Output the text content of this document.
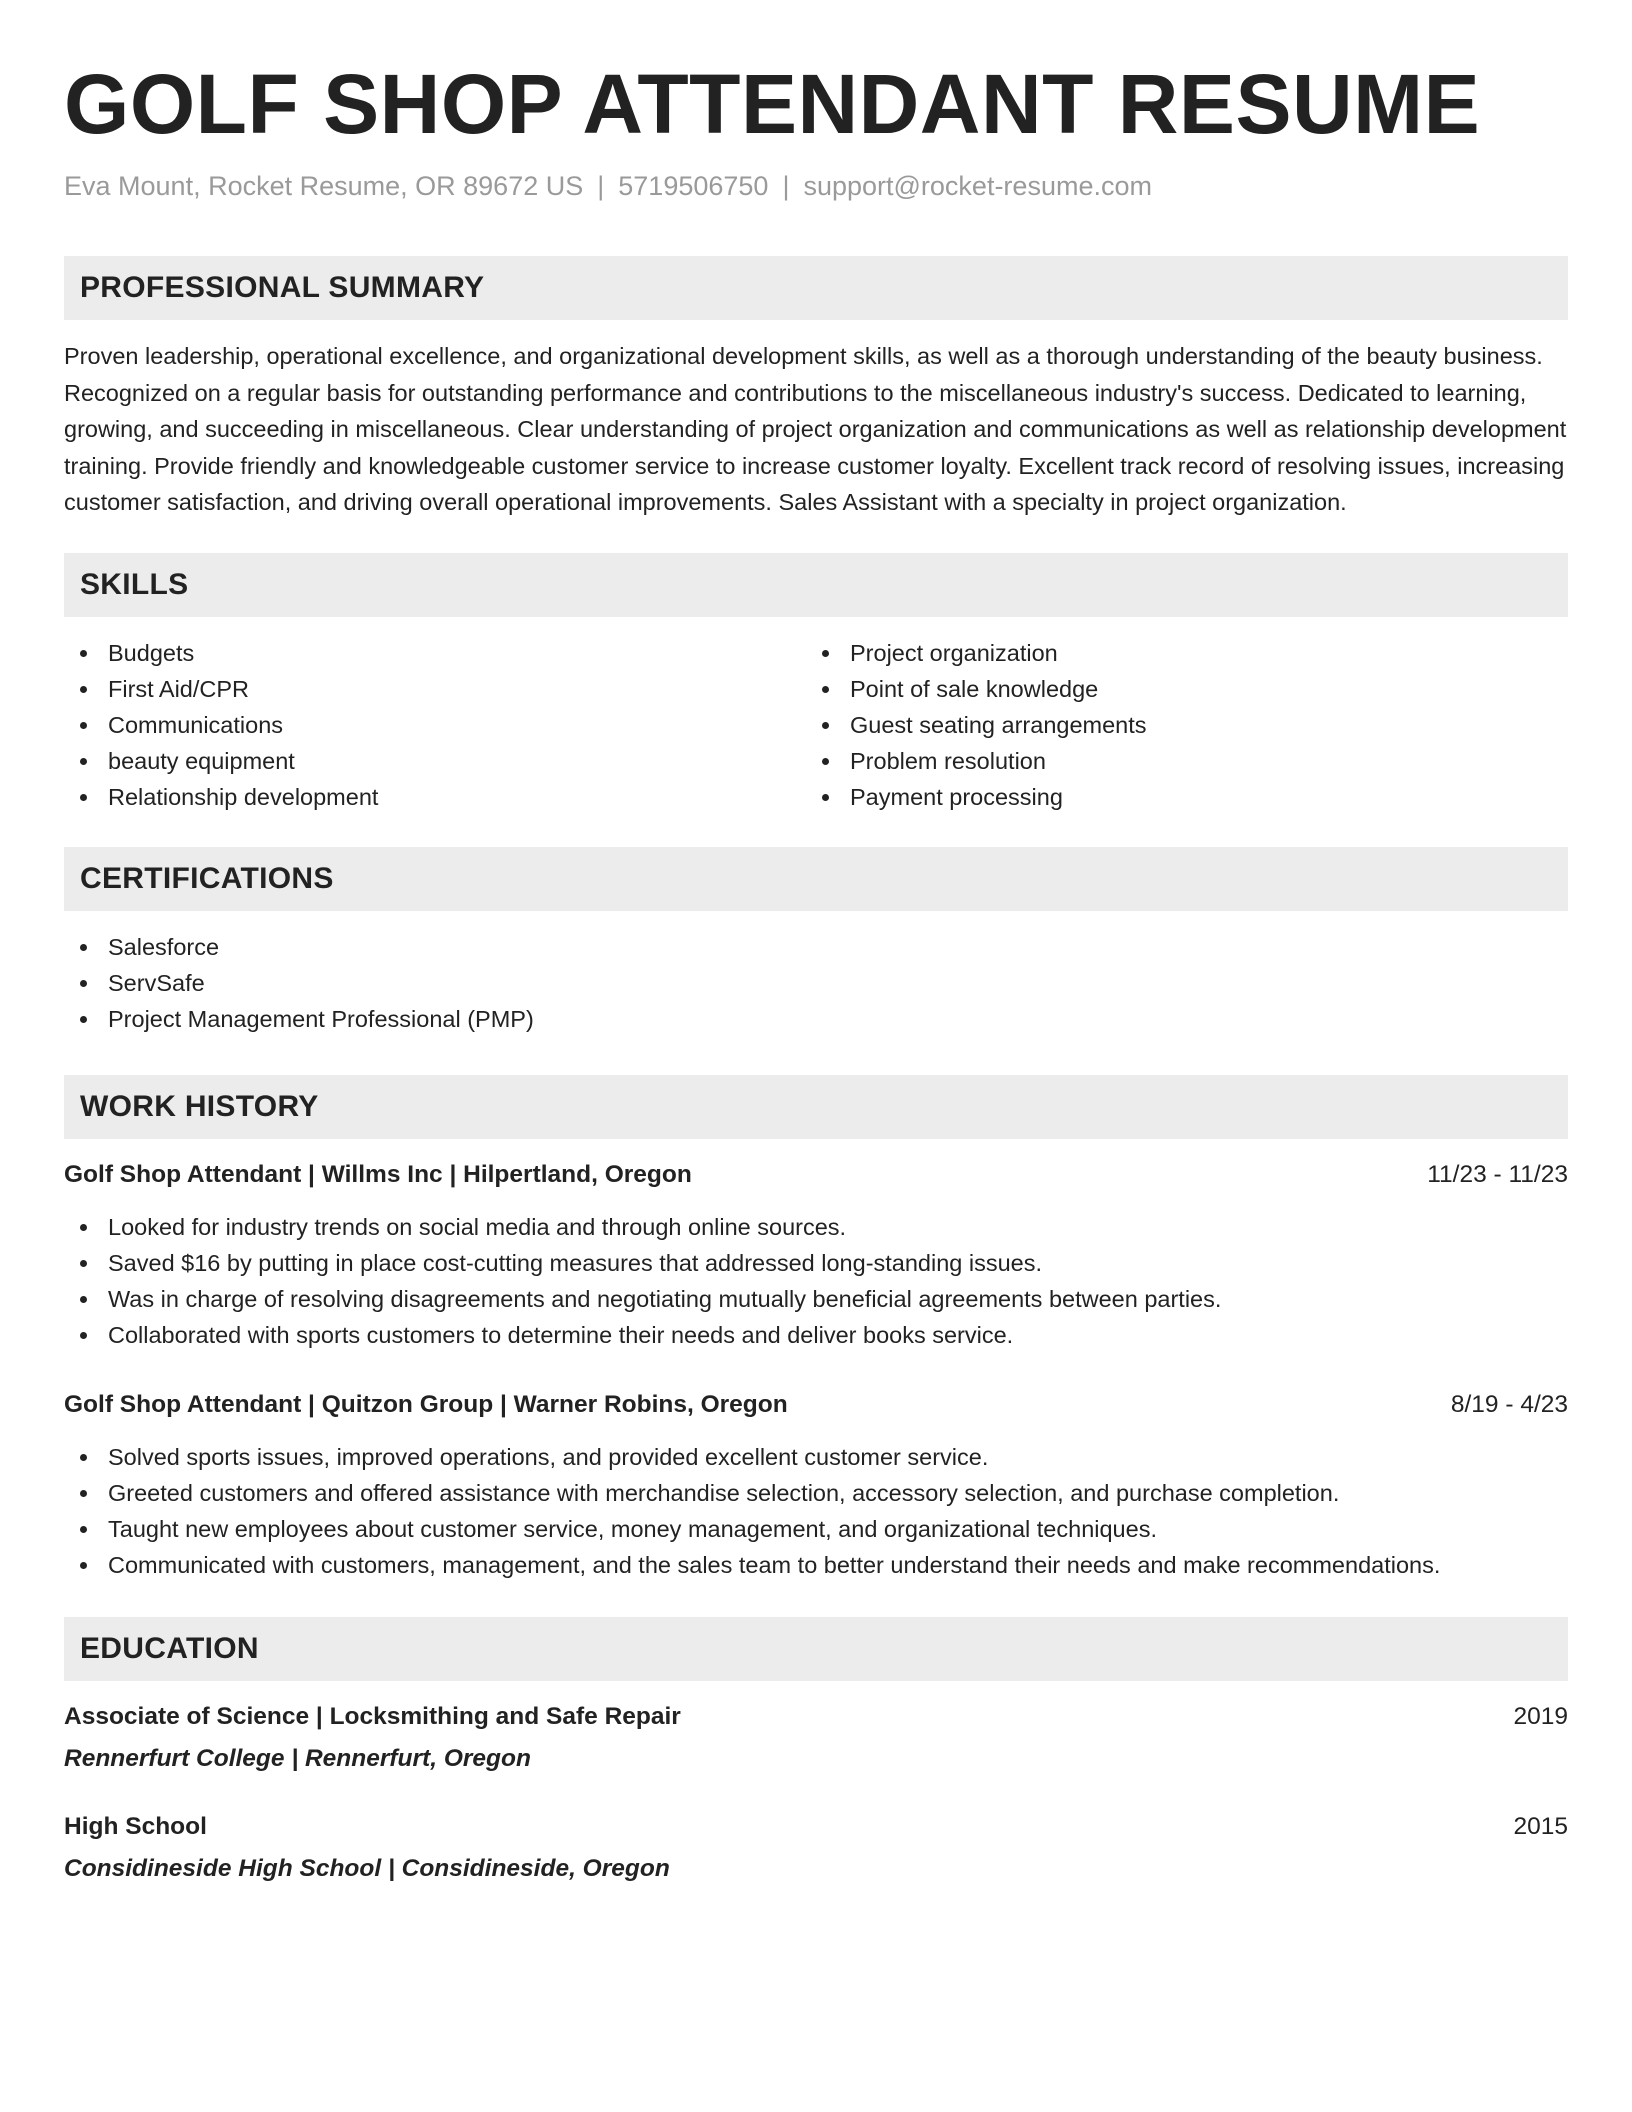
GOLF SHOP ATTENDANT RESUME
Eva Mount, Rocket Resume, OR 89672 US | 5719506750 | support@rocket-resume.com
PROFESSIONAL SUMMARY

Proven leadership, operational excellence, and organizational development skills, as well as a thorough understanding of the beauty business. Recognized on a regular basis for outstanding performance and contributions to the miscellaneous industry's success. Dedicated to learning, growing, and succeeding in miscellaneous. Clear understanding of project organization and communications as well as relationship development training. Provide friendly and knowledgeable customer service to increase customer loyalty. Excellent track record of resolving issues, increasing customer satisfaction, and driving overall operational improvements. Sales Assistant with a specialty in project organization.

SKILLS
Budgets
First Aid/CPR
Communications
beauty equipment
Relationship development
Project organization
Point of sale knowledge
Guest seating arrangements
Problem resolution
Payment processing
CERTIFICATIONS
Salesforce
ServSafe
Project Management Professional (PMP)
WORK HISTORY
Golf Shop Attendant | Willms Inc | Hilpertland, Oregon	11/23 - 11/23
Looked for industry trends on social media and through online sources.
Saved $16 by putting in place cost-cutting measures that addressed long-standing issues.
Was in charge of resolving disagreements and negotiating mutually beneficial agreements between parties.
Collaborated with sports customers to determine their needs and deliver books service.
Golf Shop Attendant | Quitzon Group | Warner Robins, Oregon	8/19 - 4/23
Solved sports issues, improved operations, and provided excellent customer service.
Greeted customers and offered assistance with merchandise selection, accessory selection, and purchase completion.
Taught new employees about customer service, money management, and organizational techniques.
Communicated with customers, management, and the sales team to better understand their needs and make recommendations.
EDUCATION
Associate of Science | Locksmithing and Safe Repair	2019
Rennerfurt College | Rennerfurt, Oregon
High School	2015
Considineside High School | Considineside, Oregon
